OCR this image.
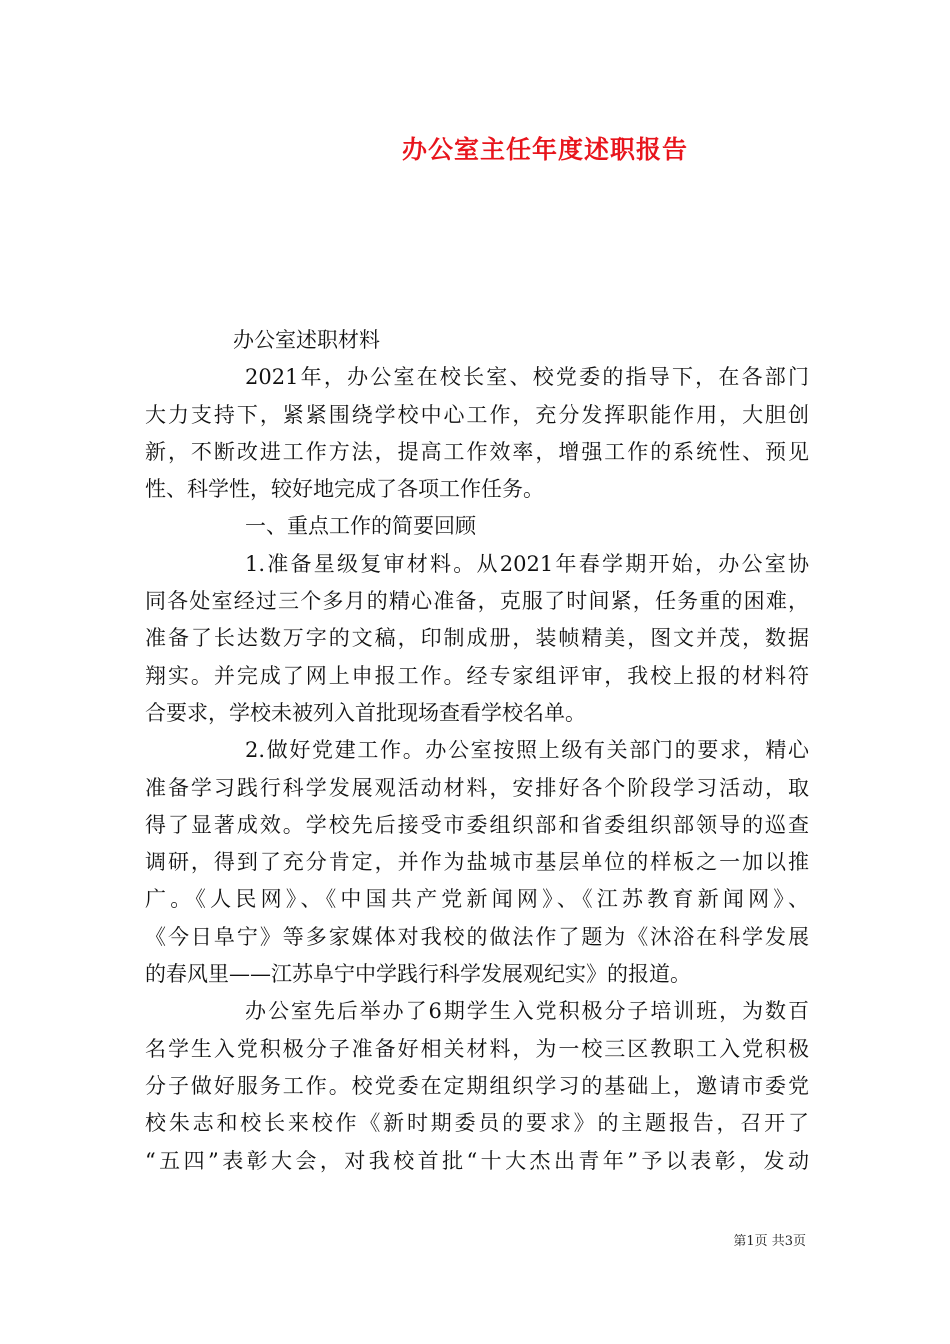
办公室主任年度述职报告
办公室述职材料
2021年，办公室在校长室、校党委的指导下，在各部门
大力支持下，紧紧围绕学校中心工作，充分发挥职能作用，大胆创
新，不断改进工作方法，提高工作效率，增强工作的系统性、预见
性、科学性，较好地完成了各项工作任务。
一、重点工作的简要回顾
1.准备星级复审材料。从2021年春学期开始，办公室协
同各处室经过三个多月的精心准备，克服了时间紧，任务重的困难，
准备了长达数万字的文稿，印制成册，装帧精美，图文并茂，数据
翔实。并完成了网上申报工作。经专家组评审，我校上报的材料符
合要求，学校未被列入首批现场查看学校名单。
2.做好党建工作。办公室按照上级有关部门的要求，精心
准备学习践行科学发展观活动材料，安排好各个阶段学习活动，取
得了显著成效。学校先后接受市委组织部和省委组织部领导的巡查
调研，得到了充分肯定，并作为盐城市基层单位的样板之一加以推
广。《人民网》、《中国共产党新闻网》、《江苏教育新闻网》、
《今日阜宁》等多家媒体对我校的做法作了题为《沐浴在科学发展
的春风里——江苏阜宁中学践行科学发展观纪实》的报道。
办公室先后举办了6期学生入党积极分子培训班，为数百
名学生入党积极分子准备好相关材料，为一校三区教职工入党积极
分子做好服务工作。校党委在定期组织学习的基础上，邀请市委党
校朱志和校长来校作《新时期委员的要求》的主题报告，召开了
“五四”表彰大会，对我校首批“十大杰出青年”予以表彰，发动
第1页 共3页
